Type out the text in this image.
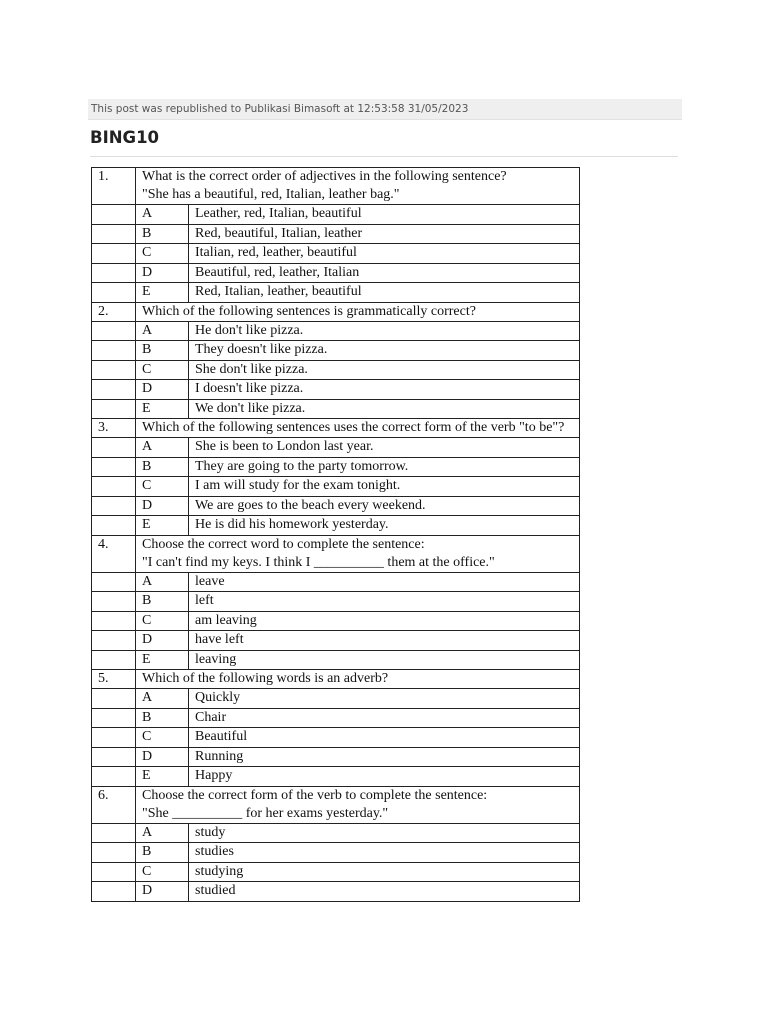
This post was republished to Publikasi Bimasoft at 12:53:58 31/05/2023
BING10
1.	What is the correct order of adjectives in the following sentence?
"She has a beautiful, red, Italian, leather bag."	
	A	Leather, red, Italian, beautiful
	B	Red, beautiful, Italian, leather
	C	Italian, red, leather, beautiful
	D	Beautiful, red, leather, Italian
	E	Red, Italian, leather, beautiful
2.	Which of the following sentences is grammatically correct?	
	A	He don't like pizza.
	B	They doesn't like pizza.
	C	She don't like pizza.
	D	I doesn't like pizza.
	E	We don't like pizza.
3.	Which of the following sentences uses the correct form of the verb "to be"?	
	A	She is been to London last year.
	B	They are going to the party tomorrow.
	C	I am will study for the exam tonight.
	D	We are goes to the beach every weekend.
	E	He is did his homework yesterday.
4.	Choose the correct word to complete the sentence:
"I can't find my keys. I think I __________ them at the office."	
	A	leave
	B	left
	C	am leaving
	D	have left
	E	leaving
5.	Which of the following words is an adverb?	
	A	Quickly
	B	Chair
	C	Beautiful
	D	Running
	E	Happy
6.	Choose the correct form of the verb to complete the sentence:
"She __________ for her exams yesterday."	
	A	study
	B	studies
	C	studying
	D	studied
